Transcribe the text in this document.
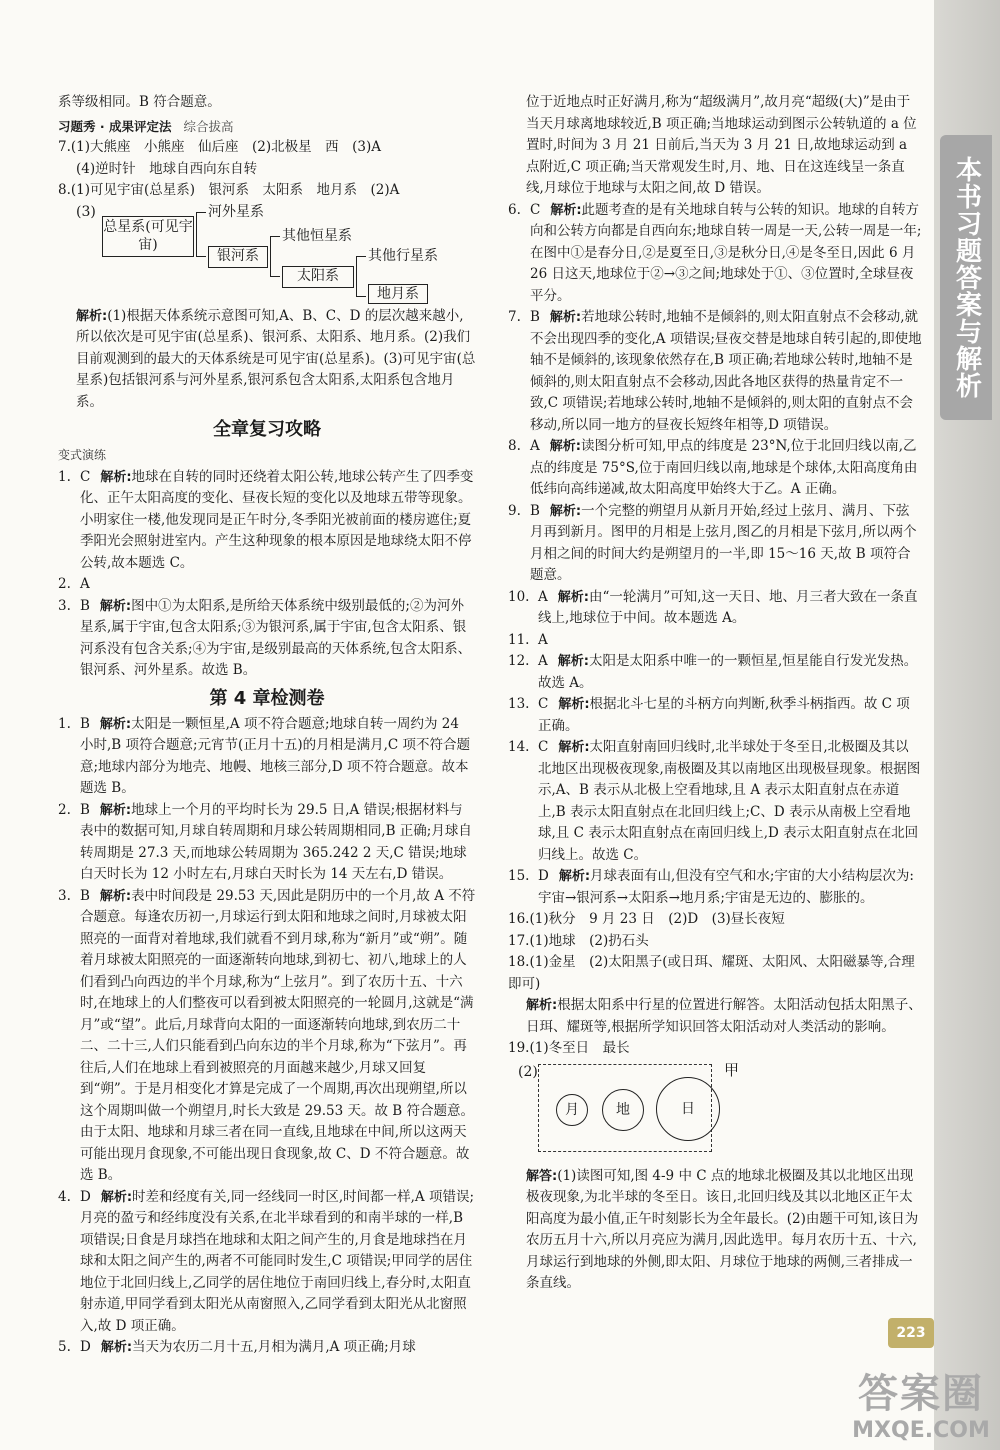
系等级相同。B 符合题意。

习题秀 · 成果评定法 综合拔高

7.(1)大熊座　小熊座　仙后座　(2)北极星　西　(3)A

(4)逆时针　地球自西向东自转

8.(1)可见宇宙(总星系)　银河系　太阳系　地月系　(2)A

(3)
总星系(可见宇宙)
河外星系
银河系
其他恒星系
太阳系
其他行星系
地月系

解析:(1)根据天体系统示意图可知,A、B、C、D 的层次越来越小,所以依次是可见宇宙(总星系)、银河系、太阳系、地月系。(2)我们目前观测到的最大的天体系统是可见宇宙(总星系)。(3)可见宇宙(总星系)包括银河系与河外星系,银河系包含太阳系,太阳系包含地月系。

全章复习攻略

变式演练

1. C 解析:地球在自转的同时还绕着太阳公转,地球公转产生了四季变化、正午太阳高度的变化、昼夜长短的变化以及地球五带等现象。小明家住一楼,他发现同是正午时分,冬季阳光被前面的楼房遮住;夏季阳光会照射进室内。产生这种现象的根本原因是地球绕太阳不停公转,故本题选 C。

2. A

3. B 解析:图中①为太阳系,是所给天体系统中级别最低的;②为河外星系,属于宇宙,包含太阳系;③为银河系,属于宇宙,包含太阳系、银河系没有包含关系;④为宇宙,是级别最高的天体系统,包含太阳系、银河系、河外星系。故选 B。

第 4 章检测卷

1. B 解析:太阳是一颗恒星,A 项不符合题意;地球自转一周约为 24 小时,B 项符合题意;元宵节(正月十五)的月相是满月,C 项不符合题意;地球内部分为地壳、地幔、地核三部分,D 项不符合题意。故本题选 B。

2. B 解析:地球上一个月的平均时长为 29.5 日,A 错误;根据材料与表中的数据可知,月球自转周期和月球公转周期相同,B 正确;月球自转周期是 27.3 天,而地球公转周期为 365.242 2 天,C 错误;地球白天时长为 12 小时左右,月球白天时长为 14 天左右,D 错误。

3. B 解析:表中时间段是 29.53 天,因此是阴历中的一个月,故 A 不符合题意。每逢农历初一,月球运行到太阳和地球之间时,月球被太阳照亮的一面背对着地球,我们就看不到月球,称为“新月”或“朔”。随着月球被太阳照亮的一面逐渐转向地球,到初七、初八,地球上的人们看到凸向西边的半个月球,称为“上弦月”。到了农历十五、十六时,在地球上的人们整夜可以看到被太阳照亮的一轮圆月,这就是“满月”或“望”。此后,月球背向太阳的一面逐渐转向地球,到农历二十二、二十三,人们只能看到凸向东边的半个月球,称为“下弦月”。再往后,人们在地球上看到被照亮的月面越来越少,月球又回复到“朔”。于是月相变化才算是完成了一个周期,再次出现朔望,所以这个周期叫做一个朔望月,时长大致是 29.53 天。故 B 符合题意。由于太阳、地球和月球三者在同一直线,且地球在中间,所以这两天可能出现月食现象,不可能出现日食现象,故 C、D 不符合题意。故选 B。

4. D 解析:时差和经度有关,同一经线同一时区,时间都一样,A 项错误;月亮的盈亏和经纬度没有关系,在北半球看到的和南半球的一样,B 项错误;日食是月球挡在地球和太阳之间产生的,月食是地球挡在月球和太阳之间产生的,两者不可能同时发生,C 项错误;甲同学的居住地位于北回归线上,乙同学的居住地位于南回归线上,春分时,太阳直射赤道,甲同学看到太阳光从南窗照入,乙同学看到太阳光从北窗照入,故 D 项正确。

5. D 解析:当天为农历二月十五,月相为满月,A 项正确;月球

位于近地点时正好满月,称为“超级满月”,故月亮“超级(大)”是由于当天月球离地球较近,B 项正确;当地球运动到图示公转轨道的 a 位置时,时间为 3 月 21 日前后,当天为 3 月 21 日,故地球运动到 a 点附近,C 项正确;当天常观发生时,月、地、日在这连线呈一条直线,月球位于地球与太阳之间,故 D 错误。

6. C 解析:此题考查的是有关地球自转与公转的知识。地球的自转方向和公转方向都是自西向东;地球自转一周是一天,公转一周是一年;在图中①是春分日,②是夏至日,③是秋分日,④是冬至日,因此 6 月 26 日这天,地球位于②→③之间;地球处于①、③位置时,全球昼夜平分。

7. B 解析:若地球公转时,地轴不是倾斜的,则太阳直射点不会移动,就不会出现四季的变化,A 项错误;昼夜交替是地球自转引起的,即使地轴不是倾斜的,该现象依然存在,B 项正确;若地球公转时,地轴不是倾斜的,则太阳直射点不会移动,因此各地区获得的热量肯定不一致,C 项错误;若地球公转时,地轴不是倾斜的,则太阳的直射点不会移动,所以同一地方的昼夜长短终年相等,D 项错误。

8. A 解析:读图分析可知,甲点的纬度是 23°N,位于北回归线以南,乙点的纬度是 75°S,位于南回归线以南,地球是个球体,太阳高度角由低纬向高纬递减,故太阳高度甲始终大于乙。A 正确。

9. B 解析:一个完整的朔望月从新月开始,经过上弦月、满月、下弦月再到新月。图甲的月相是上弦月,图乙的月相是下弦月,所以两个月相之间的时间大约是朔望月的一半,即 15～16 天,故 B 项符合题意。

10. A 解析:由“一轮满月”可知,这一天日、地、月三者大致在一条直线上,地球位于中间。故本题选 A。

11. A

12. A 解析:太阳是太阳系中唯一的一颗恒星,恒星能自行发光发热。故选 A。

13. C 解析:根据北斗七星的斗柄方向判断,秋季斗柄指西。故 C 项正确。

14. C 解析:太阳直射南回归线时,北半球处于冬至日,北极圈及其以北地区出现极夜现象,南极圈及其以南地区出现极昼现象。根据图示,A、B 表示从北极上空看地球,且 A 表示太阳直射点在赤道上,B 表示太阳直射点在北回归线上;C、D 表示从南极上空看地球,且 C 表示太阳直射点在南回归线上,D 表示太阳直射点在北回归线上。故选 C。

15. D 解析:月球表面有山,但没有空气和水;宇宙的大小结构层次为:宇宙→银河系→太阳系→地月系;宇宙是无边的、膨胀的。

16.(1)秋分　9 月 23 日　(2)D　(3)昼长夜短

17.(1)地球　(2)扔石头

18.(1)金星　(2)太阳黑子(或日珥、耀斑、太阳风、太阳磁暴等,合理即可)

解析:根据太阳系中行星的位置进行解答。太阳活动包括太阳黑子、日珥、耀斑等,根据所学知识回答太阳活动对人类活动的影响。

19.(1)冬至日　最长

(2)
月	地	日
甲

解答:(1)读图可知,图 4-9 中 C 点的地球北极圈及其以北地区出现极夜现象,为北半球的冬至日。该日,北回归线及其以北地区正午太阳高度为最小值,正午时刻影长为全年最长。(2)由题干可知,该日为农历五月十六,所以月亮应为满月,因此选甲。每月农历十五、十六,月球运行到地球的外侧,即太阳、月球位于地球的两侧,三者排成一条直线。

本书习题答案与解析
223
答案圈
MXQE.COM
